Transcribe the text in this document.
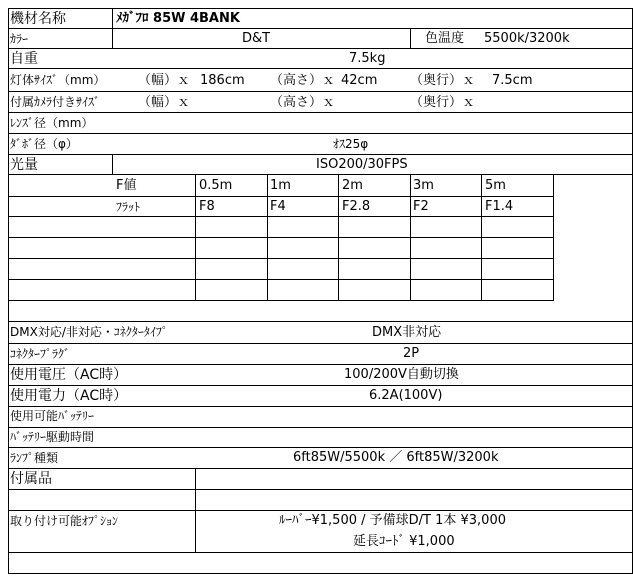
機材名称	ﾒｶﾞﾌﾛ 85W 4BANK
ｶﾗｰ	D&T	色温度 5500k/3200k
自重	7.5kg
灯体ｻｲｽﾞ（mm）	（幅）ｘ 186cm （高さ）ｘ 42cm	（奥行）ｘ 7.5cm
付属ｶﾒﾗ付きｻｲｽﾞ	（幅）ｘ	（高さ）ｘ	（奥行）ｘ
ﾚﾝｽﾞ径（mm）
ﾀﾞﾎﾞ径（φ）	ｵｽ25φ
光量	ISO200/30FPS
F値	0.5m	1m	2m	3m	5m
ﾌﾗｯﾄ	F8	F4	F2.8	F2	F1.4
DMX対応/非対応・ｺﾈｸﾀｰﾀｲﾌﾟ	DMX非対応
ｺﾈｸﾀｰﾌﾟﾗｸﾞ	2P
使用電圧（AC時）	100/200V自動切換
使用電力（AC時）	6.2A(100V)
使用可能ﾊﾞｯﾃﾘｰ
ﾊﾞｯﾃﾘｰ駆動時間
ﾗﾝﾌﾟ種類	6ft85W/5500k ／ 6ft85W/3200k
付属品
取り付け可能ｵﾌﾟｼｮﾝ	ﾙｰﾊﾞｰ¥1,500 / 予備球D/T 1本 ¥3,000
延長ｺｰﾄﾞ ¥1,000
